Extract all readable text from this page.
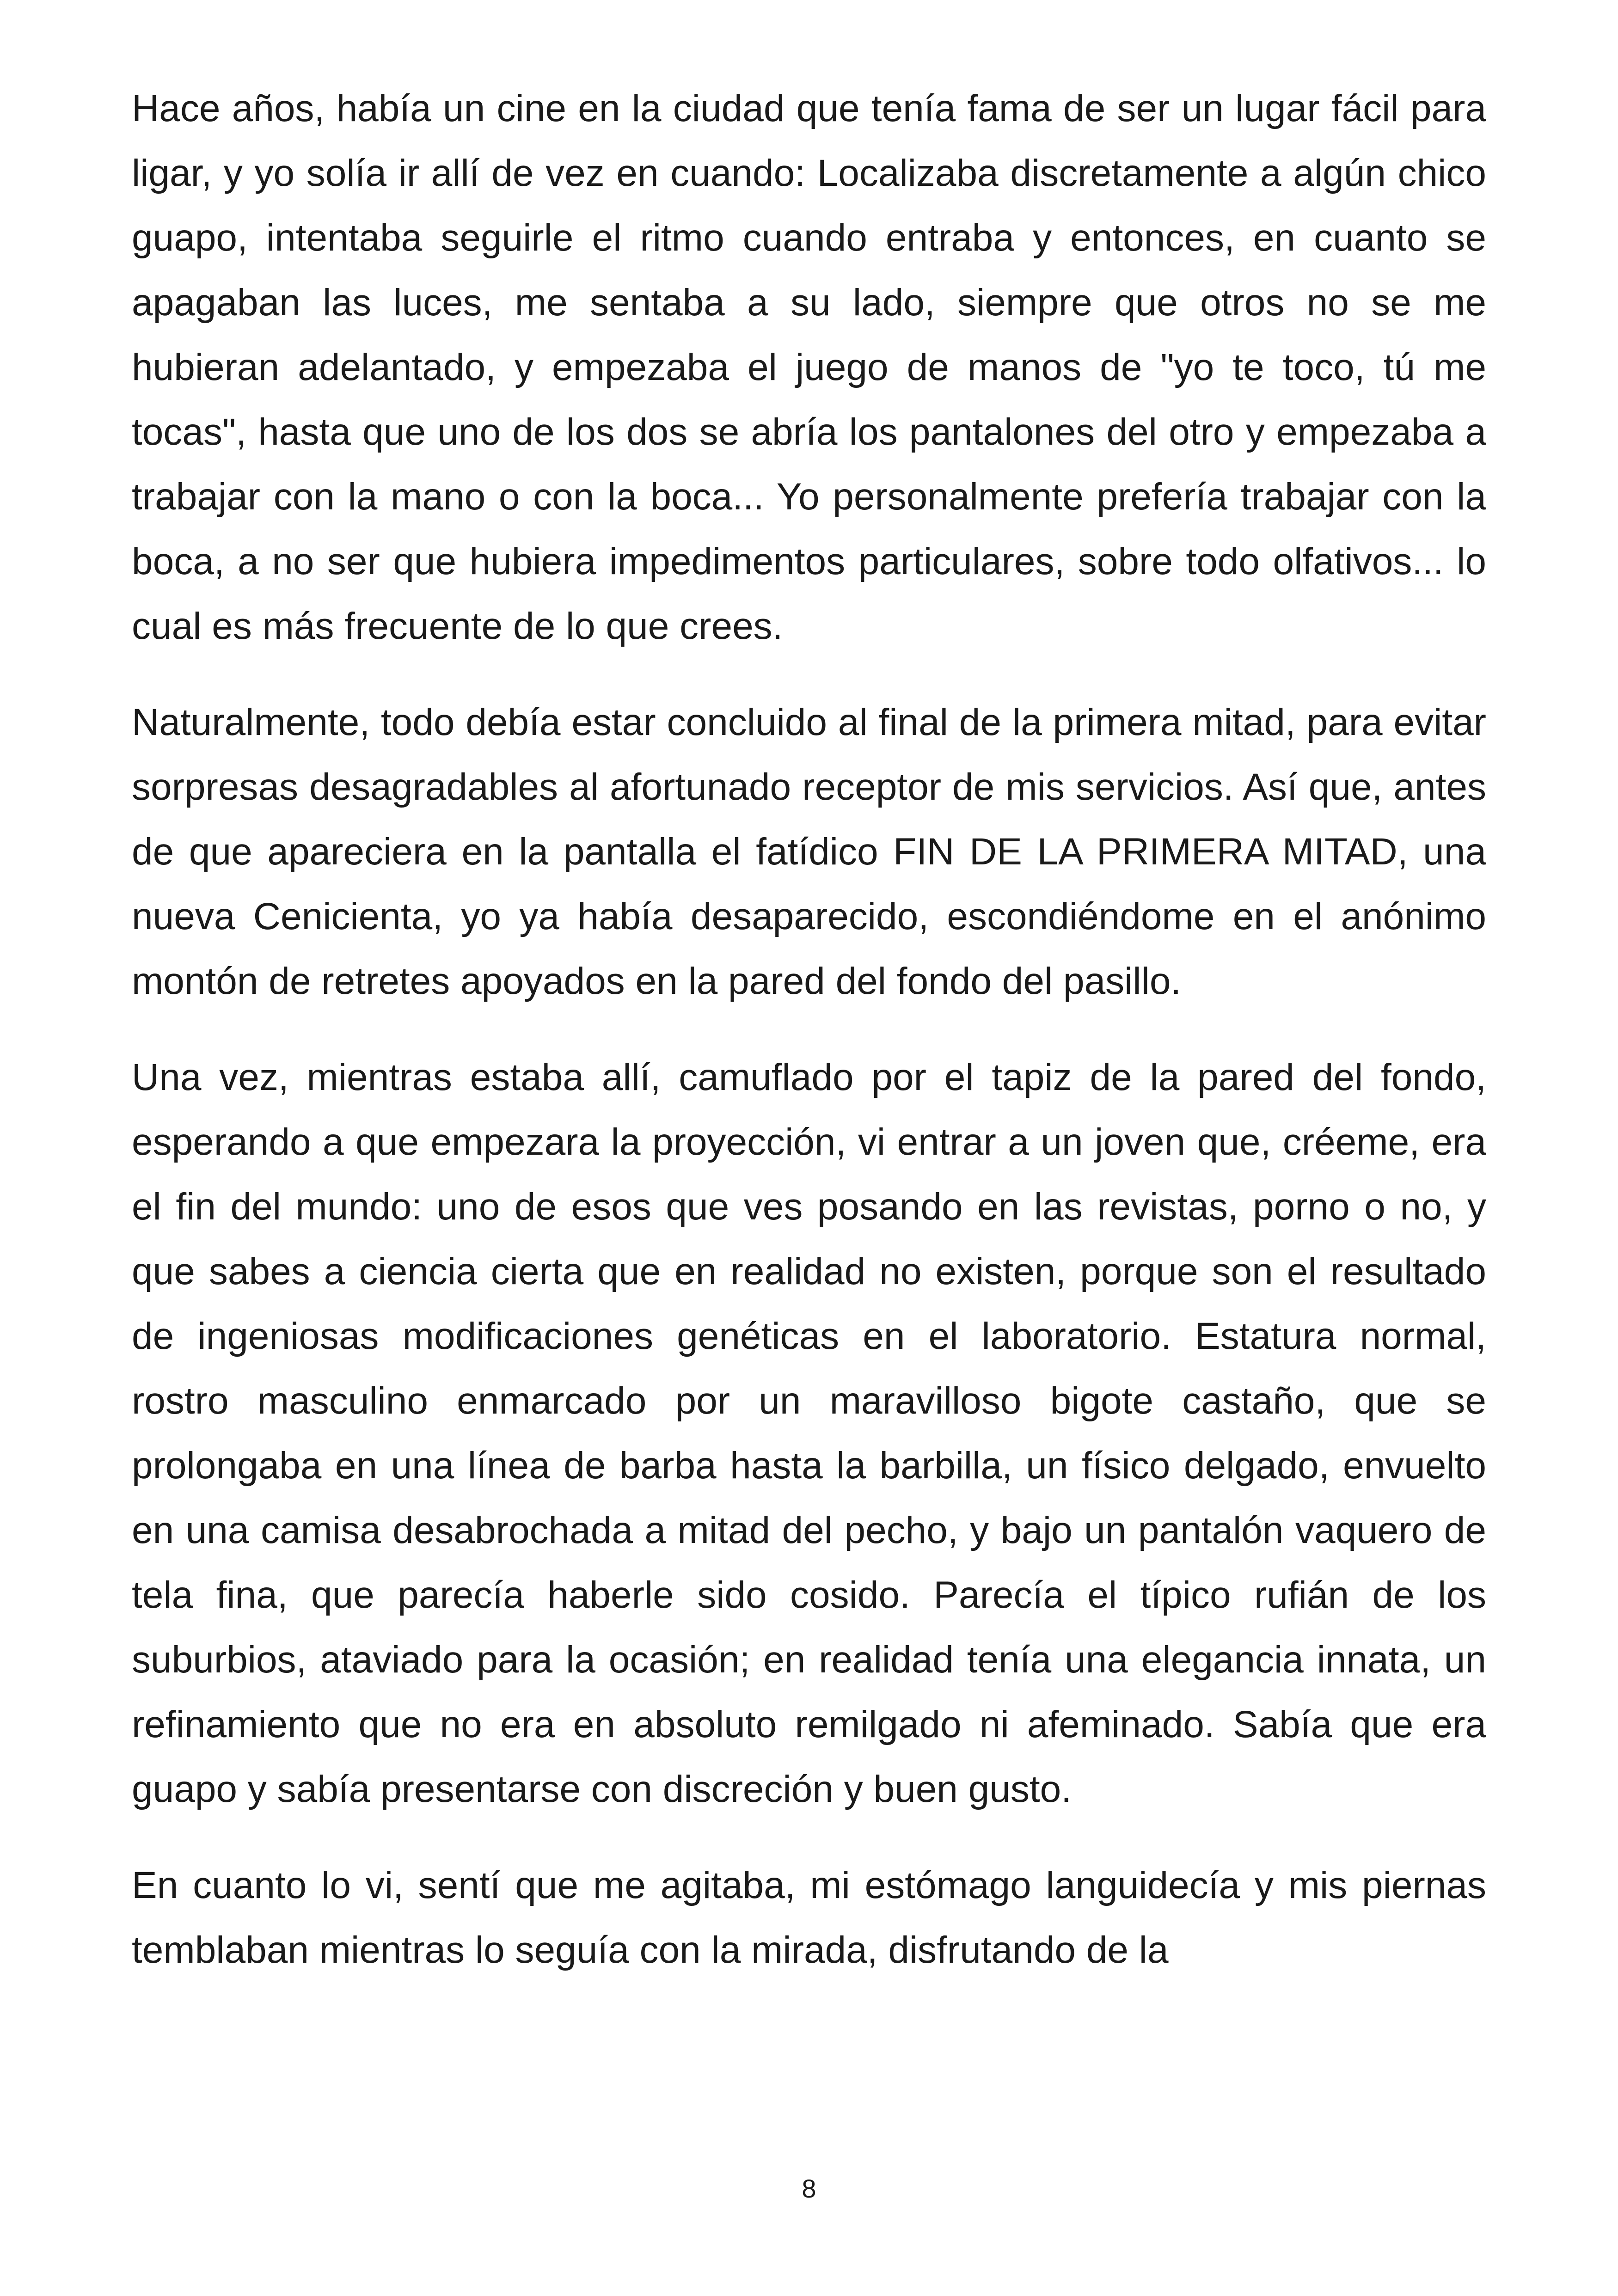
Hace años, había un cine en la ciudad que tenía fama de ser un lugar fácil para ligar, y yo solía ir allí de vez en cuando: Localizaba discretamente a algún chico guapo, intentaba seguirle el ritmo cuando entraba y entonces, en cuanto se apagaban las luces, me sentaba a su lado, siempre que otros no se me hubieran adelantado, y empezaba el juego de manos de "yo te toco, tú me tocas", hasta que uno de los dos se abría los pantalones del otro y empezaba a trabajar con la mano o con la boca... Yo personalmente prefería trabajar con la boca, a no ser que hubiera impedimentos particulares, sobre todo olfativos... lo cual es más frecuente de lo que crees.

Naturalmente, todo debía estar concluido al final de la primera mitad, para evitar sorpresas desagradables al afortunado receptor de mis servicios. Así que, antes de que apareciera en la pantalla el fatídico FIN DE LA PRIMERA MITAD, una nueva Cenicienta, yo ya había desaparecido, escondiéndome en el anónimo montón de retretes apoyados en la pared del fondo del pasillo.

Una vez, mientras estaba allí, camuflado por el tapiz de la pared del fondo, esperando a que empezara la proyección, vi entrar a un joven que, créeme, era el fin del mundo: uno de esos que ves posando en las revistas, porno o no, y que sabes a ciencia cierta que en realidad no existen, porque son el resultado de ingeniosas modificaciones genéticas en el laboratorio. Estatura normal, rostro masculino enmarcado por un maravilloso bigote castaño, que se prolongaba en una línea de barba hasta la barbilla, un físico delgado, envuelto en una camisa desabrochada a mitad del pecho, y bajo un pantalón vaquero de tela fina, que parecía haberle sido cosido. Parecía el típico rufián de los suburbios, ataviado para la ocasión; en realidad tenía una elegancia innata, un refinamiento que no era en absoluto remilgado ni afeminado. Sabía que era guapo y sabía presentarse con discreción y buen gusto.

En cuanto lo vi, sentí que me agitaba, mi estómago languidecía y mis piernas temblaban mientras lo seguía con la mirada, disfrutando de la

8
